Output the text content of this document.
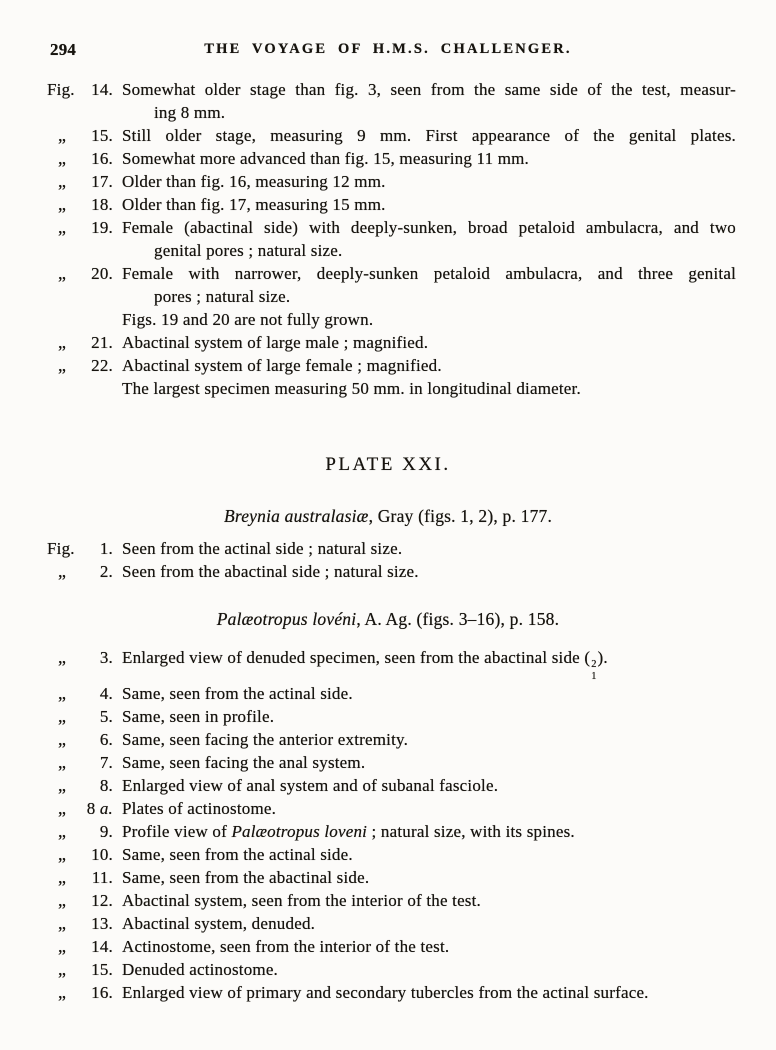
294	THE VOYAGE OF H.M.S. CHALLENGER.
Fig. 14. Somewhat older stage than fig. 3, seen from the same side of the test, measur-
ing 8 mm.
„	15. Still older stage, measuring 9 mm. First appearance of the genital plates.
„	16. Somewhat more advanced than fig. 15, measuring 11 mm.
„	17. Older than fig. 16, measuring 12 mm.
„	18. Older than fig. 17, measuring 15 mm.
„	19. Female (abactinal side) with deeply-sunken, broad petaloid ambulacra, and two
genital pores ; natural size.
„	20. Female with narrower, deeply-sunken petaloid ambulacra, and three genital
pores ; natural size.
Figs. 19 and 20 are not fully grown.
„	21. Abactinal system of large male ; magnified.
„	22. Abactinal system of large female ; magnified.
The largest specimen measuring 50 mm. in longitudinal diameter.
PLATE XXI.
Breynia australasiæ, Gray (figs. 1, 2), p. 177.
Fig.	1. Seen from the actinal side ; natural size.
„	2. Seen from the abactinal side ; natural size.
Palæotropus lovéni, A. Ag. (figs. 3–16), p. 158.
„	3. Enlarged view of denuded specimen, seen from the abactinal side ( 2
1
).
„	4. Same, seen from the actinal side.
„	5. Same, seen in profile.
„	6. Same, seen facing the anterior extremity.
„	7. Same, seen facing the anal system.
„	8. Enlarged view of anal system and of subanal fasciole.
„	8 a. Plates of actinostome.
„	9. Profile view of Palæotropus loveni ; natural size, with its spines.
„	10. Same, seen from the actinal side.
„	11. Same, seen from the abactinal side.
„	12. Abactinal system, seen from the interior of the test.
„	13. Abactinal system, denuded.
„	14. Actinostome, seen from the interior of the test.
„	15. Denuded actinostome.
„	16. Enlarged view of primary and secondary tubercles from the actinal surface.
